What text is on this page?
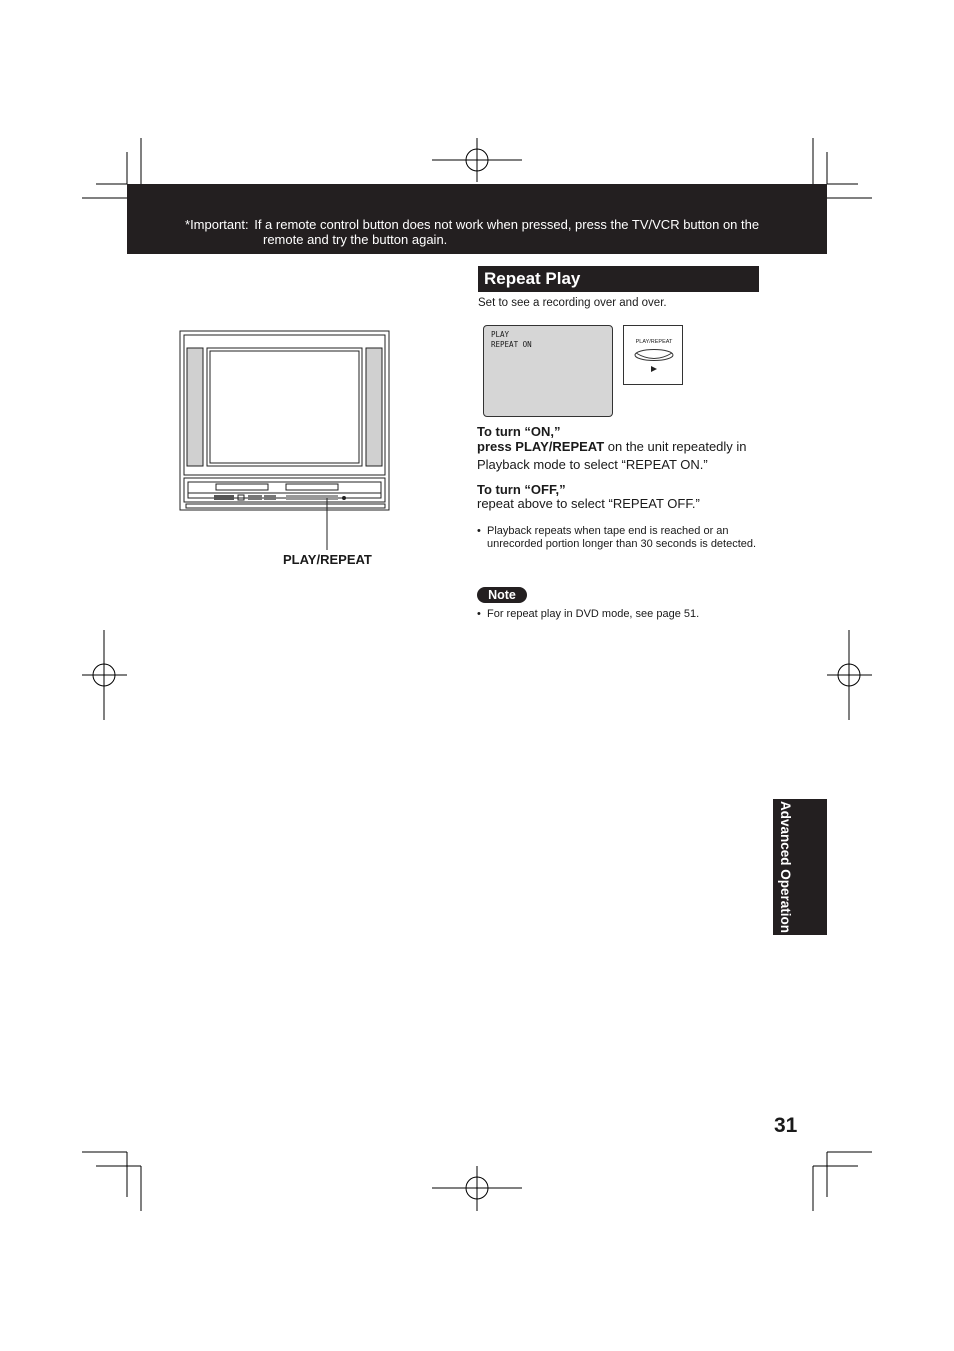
*Important: If a remote control button does not work when pressed, press the TV/VCR button on the
remote and try the button again.
Repeat Play
Set to see a recording over and over.
PLAY
REPEAT ON	PLAY/REPEAT
To turn “ON,”
press PLAY/REPEAT on the unit repeatedly in Playback mode to select “REPEAT ON.”
To turn “OFF,”
repeat above to select “REPEAT OFF.”
• Playback repeats when tape end is reached or an unrecorded portion longer than 30 seconds is detected.
Note
• For repeat play in DVD mode, see page 51.
PLAY/REPEAT
Advanced Operation
31
